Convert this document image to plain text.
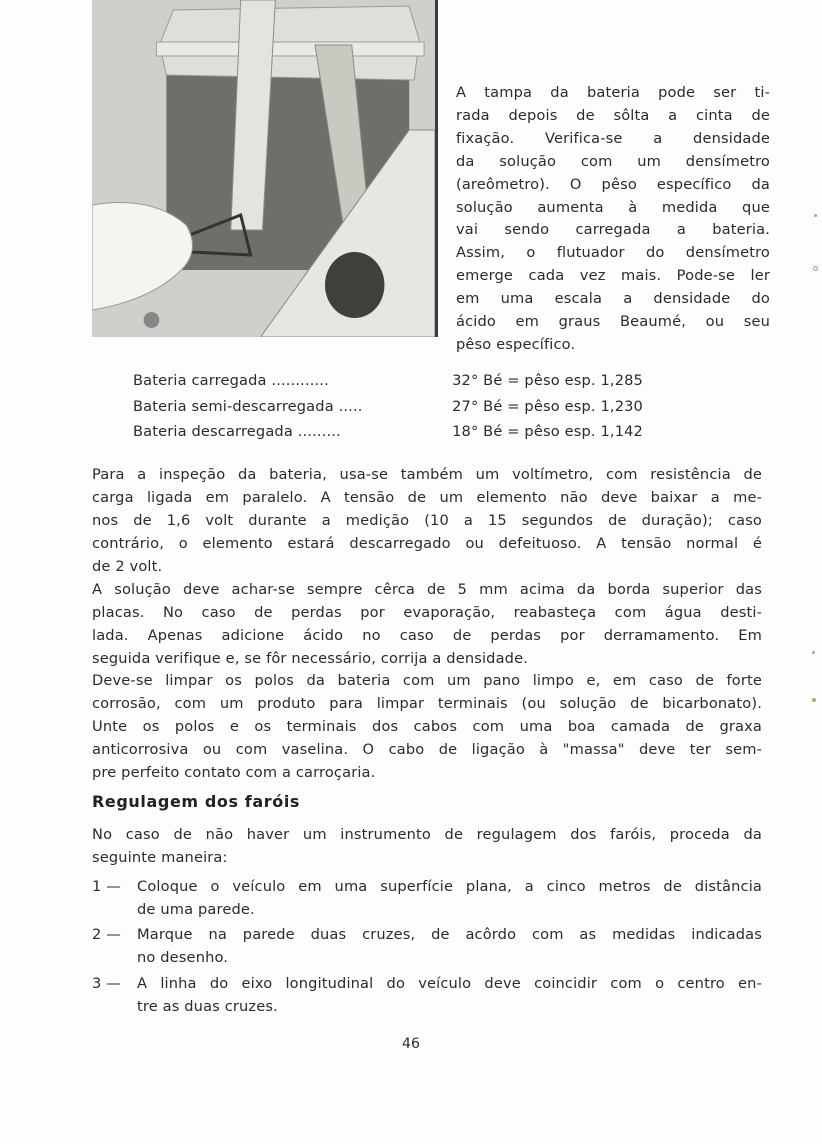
A tampa da bateria pode ser ti-
rada depois de sôlta a cinta de
fixação. Verifica-se a densidade
da solução com um densímetro
(areômetro). O pêso específico da
solução aumenta à medida que
vai sendo carregada a bateria.
Assim, o flutuador do densímetro
emerge cada vez mais. Pode-se ler
em uma escala a densidade do
ácido em graus Beaumé, ou seu
pêso específico.
Bateria carregada ............	32° Bé = pêso esp. 1,285
Bateria semi-descarregada .....	27° Bé = pêso esp. 1,230
Bateria descarregada .........	18° Bé = pêso esp. 1,142
Para a inspeção da bateria, usa-se também um voltímetro, com resistência de
carga ligada em paralelo. A tensão de um elemento não deve baixar a me-
nos de 1,6 volt durante a medição (10 a 15 segundos de duração); caso
contrário, o elemento estará descarregado ou defeituoso. A tensão normal é
de 2 volt.
A solução deve achar-se sempre cêrca de 5 mm acima da borda superior das
placas. No caso de perdas por evaporação, reabasteça com água desti-
lada. Apenas adicione ácido no caso de perdas por derramamento. Em
seguida verifique e, se fôr necessário, corrija a densidade.
Deve-se limpar os polos da bateria com um pano limpo e, em caso de forte
corrosão, com um produto para limpar terminais (ou solução de bicarbonato).
Unte os polos e os terminais dos cabos com uma boa camada de graxa
anticorrosiva ou com vaselina. O cabo de ligação à "massa" deve ter sem-
pre perfeito contato com a carroçaria.
Regulagem dos faróis
No caso de não haver um instrumento de regulagem dos faróis, proceda da
seguinte maneira:
1 —	Coloque o veículo em uma superfície plana, a cinco metros de distância
de uma parede.
2 —	Marque na parede duas cruzes, de acôrdo com as medidas indicadas
no desenho.
3 —	A linha do eixo longitudinal do veículo deve coincidir com o centro en-
tre as duas cruzes.
46
